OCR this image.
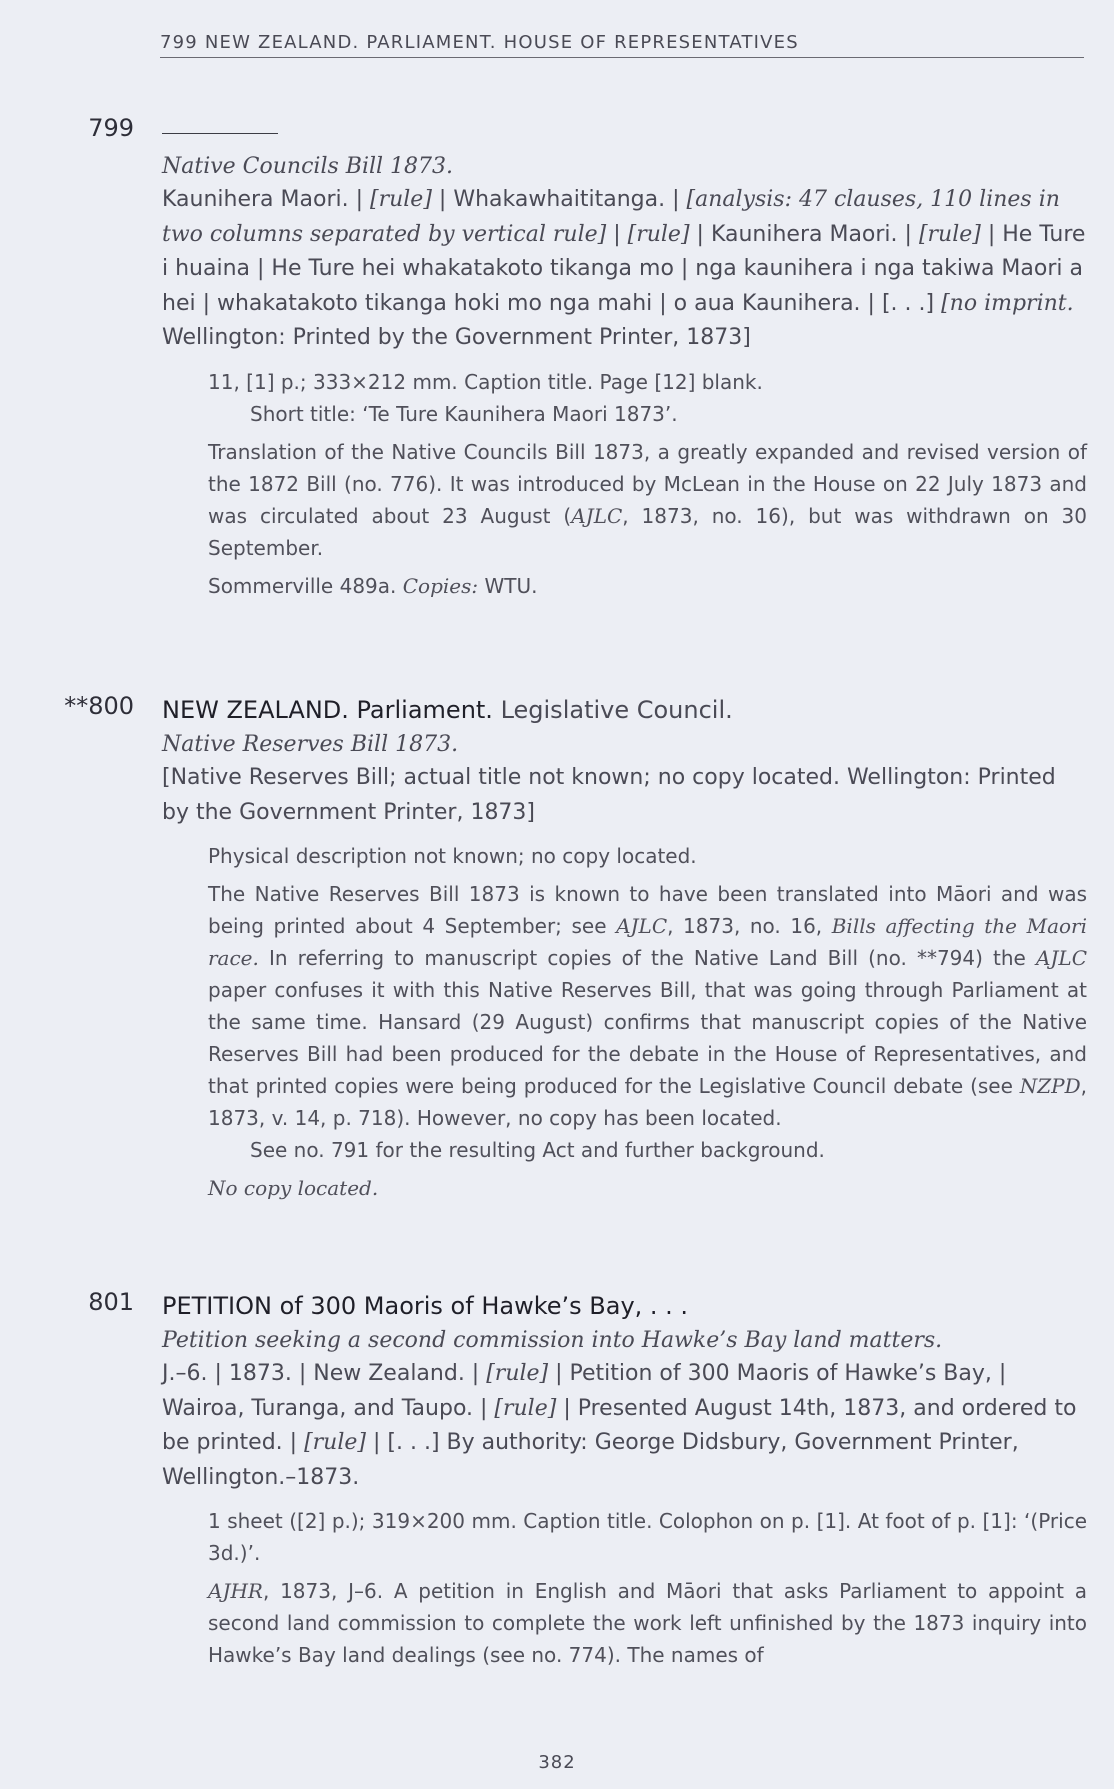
799 NEW ZEALAND. PARLIAMENT. HOUSE OF REPRESENTATIVES
799
Native Councils Bill 1873.

Kaunihera Maori. | [rule] | Whakawhaititanga. | [analysis: 47 clauses, 110 lines in two columns separated by vertical rule] | [rule] | Kaunihera Maori. | [rule] | He Ture i huaina | He Ture hei whakatakoto tikanga mo | nga kaunihera i nga takiwa Maori a hei | whakatakoto tikanga hoki mo nga mahi | o aua Kaunihera. | [. . .] [no imprint. Wellington: Printed by the Government Printer, 1873]

11, [1] p.; 333×212 mm. Caption title. Page [12] blank.
Short title: ‘Te Ture Kaunihera Maori 1873’.

Translation of the Native Councils Bill 1873, a greatly expanded and revised version of the 1872 Bill (no. 776). It was introduced by McLean in the House on 22 July 1873 and was circulated about 23 August (AJLC, 1873, no. 16), but was withdrawn on 30 September.

Sommerville 489a. Copies: WTU.

**800 NEW ZEALAND. Parliament. Legislative Council.
Native Reserves Bill 1873.

[Native Reserves Bill; actual title not known; no copy located. Wellington: Printed by the Government Printer, 1873]

Physical description not known; no copy located.

The Native Reserves Bill 1873 is known to have been translated into Māori and was being printed about 4 September; see AJLC, 1873, no. 16, Bills affecting the Maori race. In referring to manuscript copies of the Native Land Bill (no. **794) the AJLC paper confuses it with this Native Reserves Bill, that was going through Parliament at the same time. Hansard (29 August) confirms that manuscript copies of the Native Reserves Bill had been produced for the debate in the House of Representatives, and that printed copies were being produced for the Legislative Council debate (see NZPD, 1873, v. 14, p. 718). However, no copy has been located.
See no. 791 for the resulting Act and further background.

No copy located.

801 PETITION of 300 Maoris of Hawke’s Bay, . . .
Petition seeking a second commission into Hawke’s Bay land matters.

J.–6. | 1873. | New Zealand. | [rule] | Petition of 300 Maoris of Hawke’s Bay, | Wairoa, Turanga, and Taupo. | [rule] | Presented August 14th, 1873, and ordered to be printed. | [rule] | [. . .] By authority: George Didsbury, Government Printer, Wellington.–1873.

1 sheet ([2] p.); 319×200 mm. Caption title. Colophon on p. [1]. At foot of p. [1]: ‘(Price 3d.)’.

AJHR, 1873, J–6. A petition in English and Māori that asks Parliament to appoint a second land commission to complete the work left unfinished by the 1873 inquiry into Hawke’s Bay land dealings (see no. 774). The names of

382
